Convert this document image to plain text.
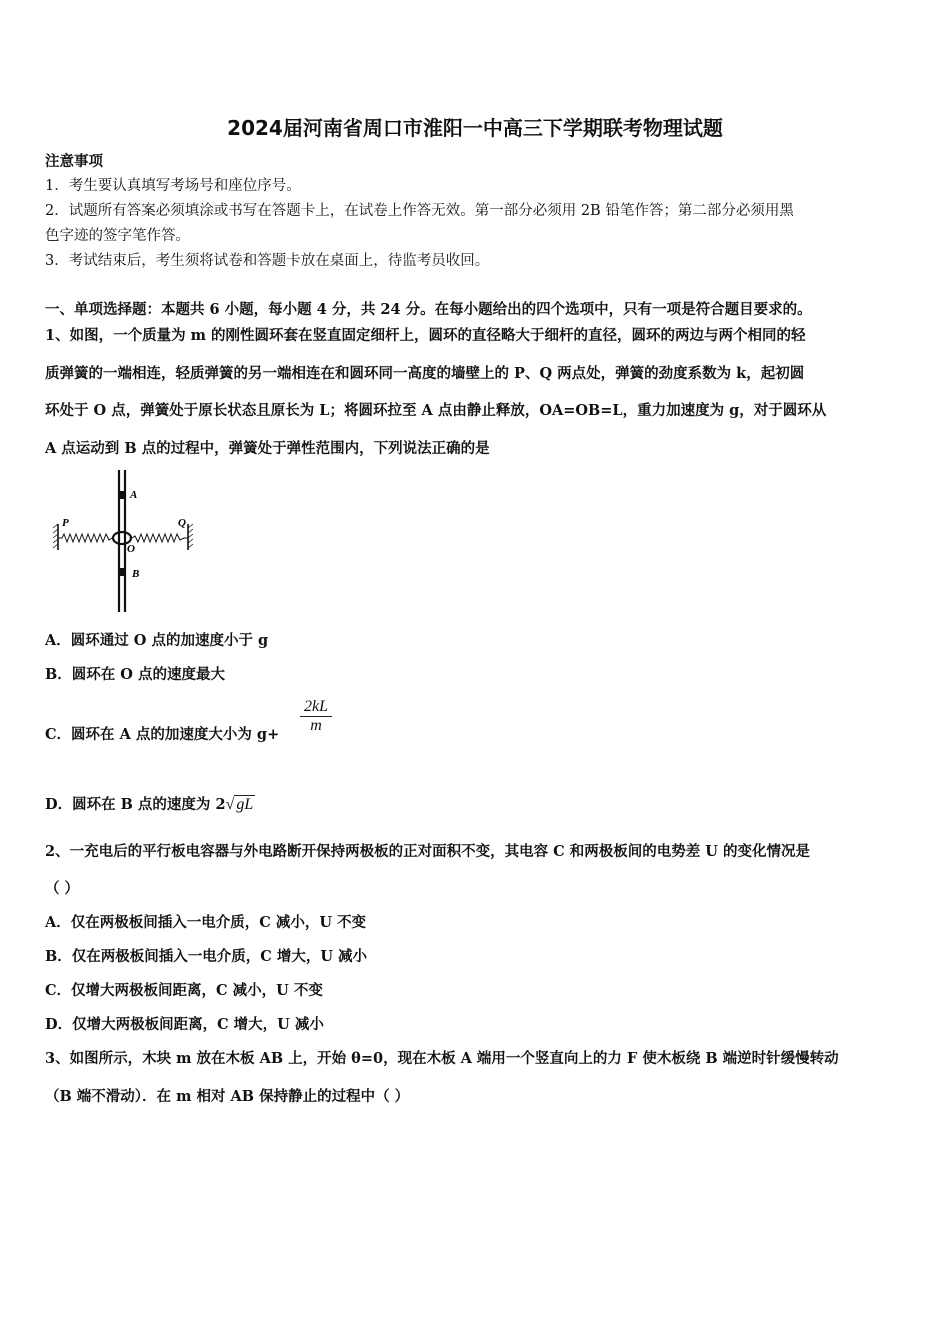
2024届河南省周口市淮阳一中高三下学期联考物理试题
注意事项
1．考生要认真填写考场号和座位序号。
2．试题所有答案必须填涂或书写在答题卡上，在试卷上作答无效。第一部分必须用 2B 铅笔作答；第二部分必须用黑
色字迹的签字笔作答。
3．考试结束后，考生须将试卷和答题卡放在桌面上，待监考员收回。
一、单项选择题：本题共 6 小题，每小题 4 分，共 24 分。在每小题给出的四个选项中，只有一项是符合题目要求的。
1、如图，一个质量为 m 的刚性圆环套在竖直固定细杆上，圆环的直径略大于细杆的直径，圆环的两边与两个相同的轻
质弹簧的一端相连，轻质弹簧的另一端相连在和圆环同一高度的墙壁上的 P、Q 两点处，弹簧的劲度系数为 k，起初圆
环处于 O 点，弹簧处于原长状态且原长为 L；将圆环拉至 A 点由静止释放，OA=OB=L，重力加速度为 g，对于圆环从
A 点运动到 B 点的过程中，弹簧处于弹性范围内，下列说法正确的是
A
B
O
P	Q
A．圆环通过 O 点的加速度小于 g
B．圆环在 O 点的速度最大
C．圆环在 A 点的加速度大小为 $g+ \frac{2kL}{m}$
D．圆环在 B 点的速度为 2√ gL
2、一充电后的平行板电容器与外电路断开保持两极板的正对面积不变，其电容 C 和两极板间的电势差 U 的变化情况是
（ ）
A．仅在两极板间插入一电介质，C 减小，U 不变
B．仅在两极板间插入一电介质，C 增大，U 减小
C．仅增大两极板间距离，C 减小，U 不变
D．仅增大两极板间距离，C 增大，U 减小
3、如图所示，木块 m 放在木板 AB 上，开始 θ=0，现在木板 A 端用一个竖直向上的力 F 使木板绕 B 端逆时针缓慢转动
（B 端不滑动）．在 m 相对 AB 保持静止的过程中（ ）
